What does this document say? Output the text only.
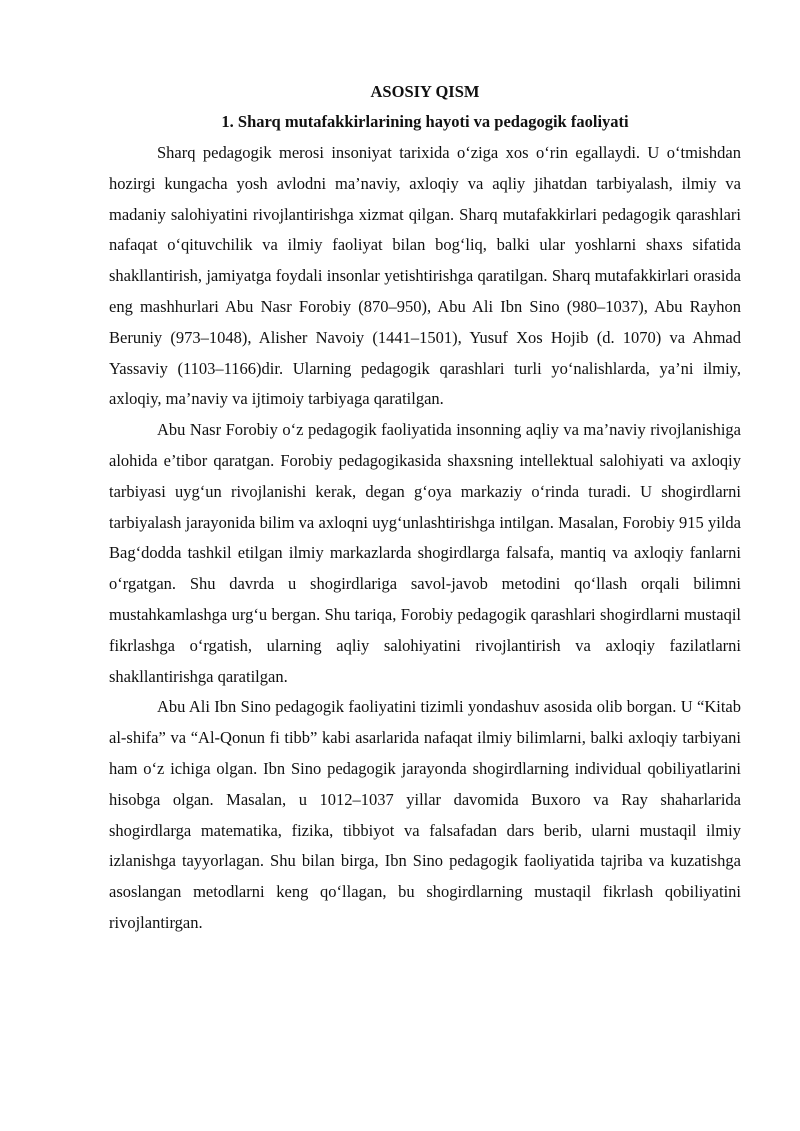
ASOSIY QISM
1. Sharq mutafakkirlarining hayoti va pedagogik faoliyati

Sharq pedagogik merosi insoniyat tarixida o‘ziga xos o‘rin egallaydi. U o‘tmishdan hozirgi kungacha yosh avlodni ma’naviy, axloqiy va aqliy jihatdan tarbiyalash, ilmiy va madaniy salohiyatini rivojlantirishga xizmat qilgan. Sharq mutafakkirlari pedagogik qarashlari nafaqat o‘qituvchilik va ilmiy faoliyat bilan bog‘liq, balki ular yoshlarni shaxs sifatida shakllantirish, jamiyatga foydali insonlar yetishtirishga qaratilgan. Sharq mutafakkirlari orasida eng mashhurlari Abu Nasr Forobiy (870–950), Abu Ali Ibn Sino (980–1037), Abu Rayhon Beruniy (973–1048), Alisher Navoiy (1441–1501), Yusuf Xos Hojib (d. 1070) va Ahmad Yassaviy (1103–1166)dir. Ularning pedagogik qarashlari turli yo‘nalishlarda, ya’ni ilmiy, axloqiy, ma’naviy va ijtimoiy tarbiyaga qaratilgan.

Abu Nasr Forobiy o‘z pedagogik faoliyatida insonning aqliy va ma’naviy rivojlanishiga alohida e’tibor qaratgan. Forobiy pedagogikasida shaxsning intellektual salohiyati va axloqiy tarbiyasi uyg‘un rivojlanishi kerak, degan g‘oya markaziy o‘rinda turadi. U shogirdlarni tarbiyalash jarayonida bilim va axloqni uyg‘unlashtirishga intilgan. Masalan, Forobiy 915 yilda Bag‘dodda tashkil etilgan ilmiy markazlarda shogirdlarga falsafa, mantiq va axloqiy fanlarni o‘rgatgan. Shu davrda u shogirdlariga savol-javob metodini qo‘llash orqali bilimni mustahkamlashga urg‘u bergan. Shu tariqa, Forobiy pedagogik qarashlari shogirdlarni mustaqil fikrlashga o‘rgatish, ularning aqliy salohiyatini rivojlantirish va axloqiy fazilatlarni shakllantirishga qaratilgan.

Abu Ali Ibn Sino pedagogik faoliyatini tizimli yondashuv asosida olib borgan. U “Kitab al-shifa” va “Al-Qonun fi tibb” kabi asarlarida nafaqat ilmiy bilimlarni, balki axloqiy tarbiyani ham o‘z ichiga olgan. Ibn Sino pedagogik jarayonda shogirdlarning individual qobiliyatlarini hisobga olgan. Masalan, u 1012–1037 yillar davomida Buxoro va Ray shaharlarida shogirdlarga matematika, fizika, tibbiyot va falsafadan dars berib, ularni mustaqil ilmiy izlanishga tayyorlagan. Shu bilan birga, Ibn Sino pedagogik faoliyatida tajriba va kuzatishga asoslangan metodlarni keng qo‘llagan, bu shogirdlarning mustaqil fikrlash qobiliyatini rivojlantirgan.
